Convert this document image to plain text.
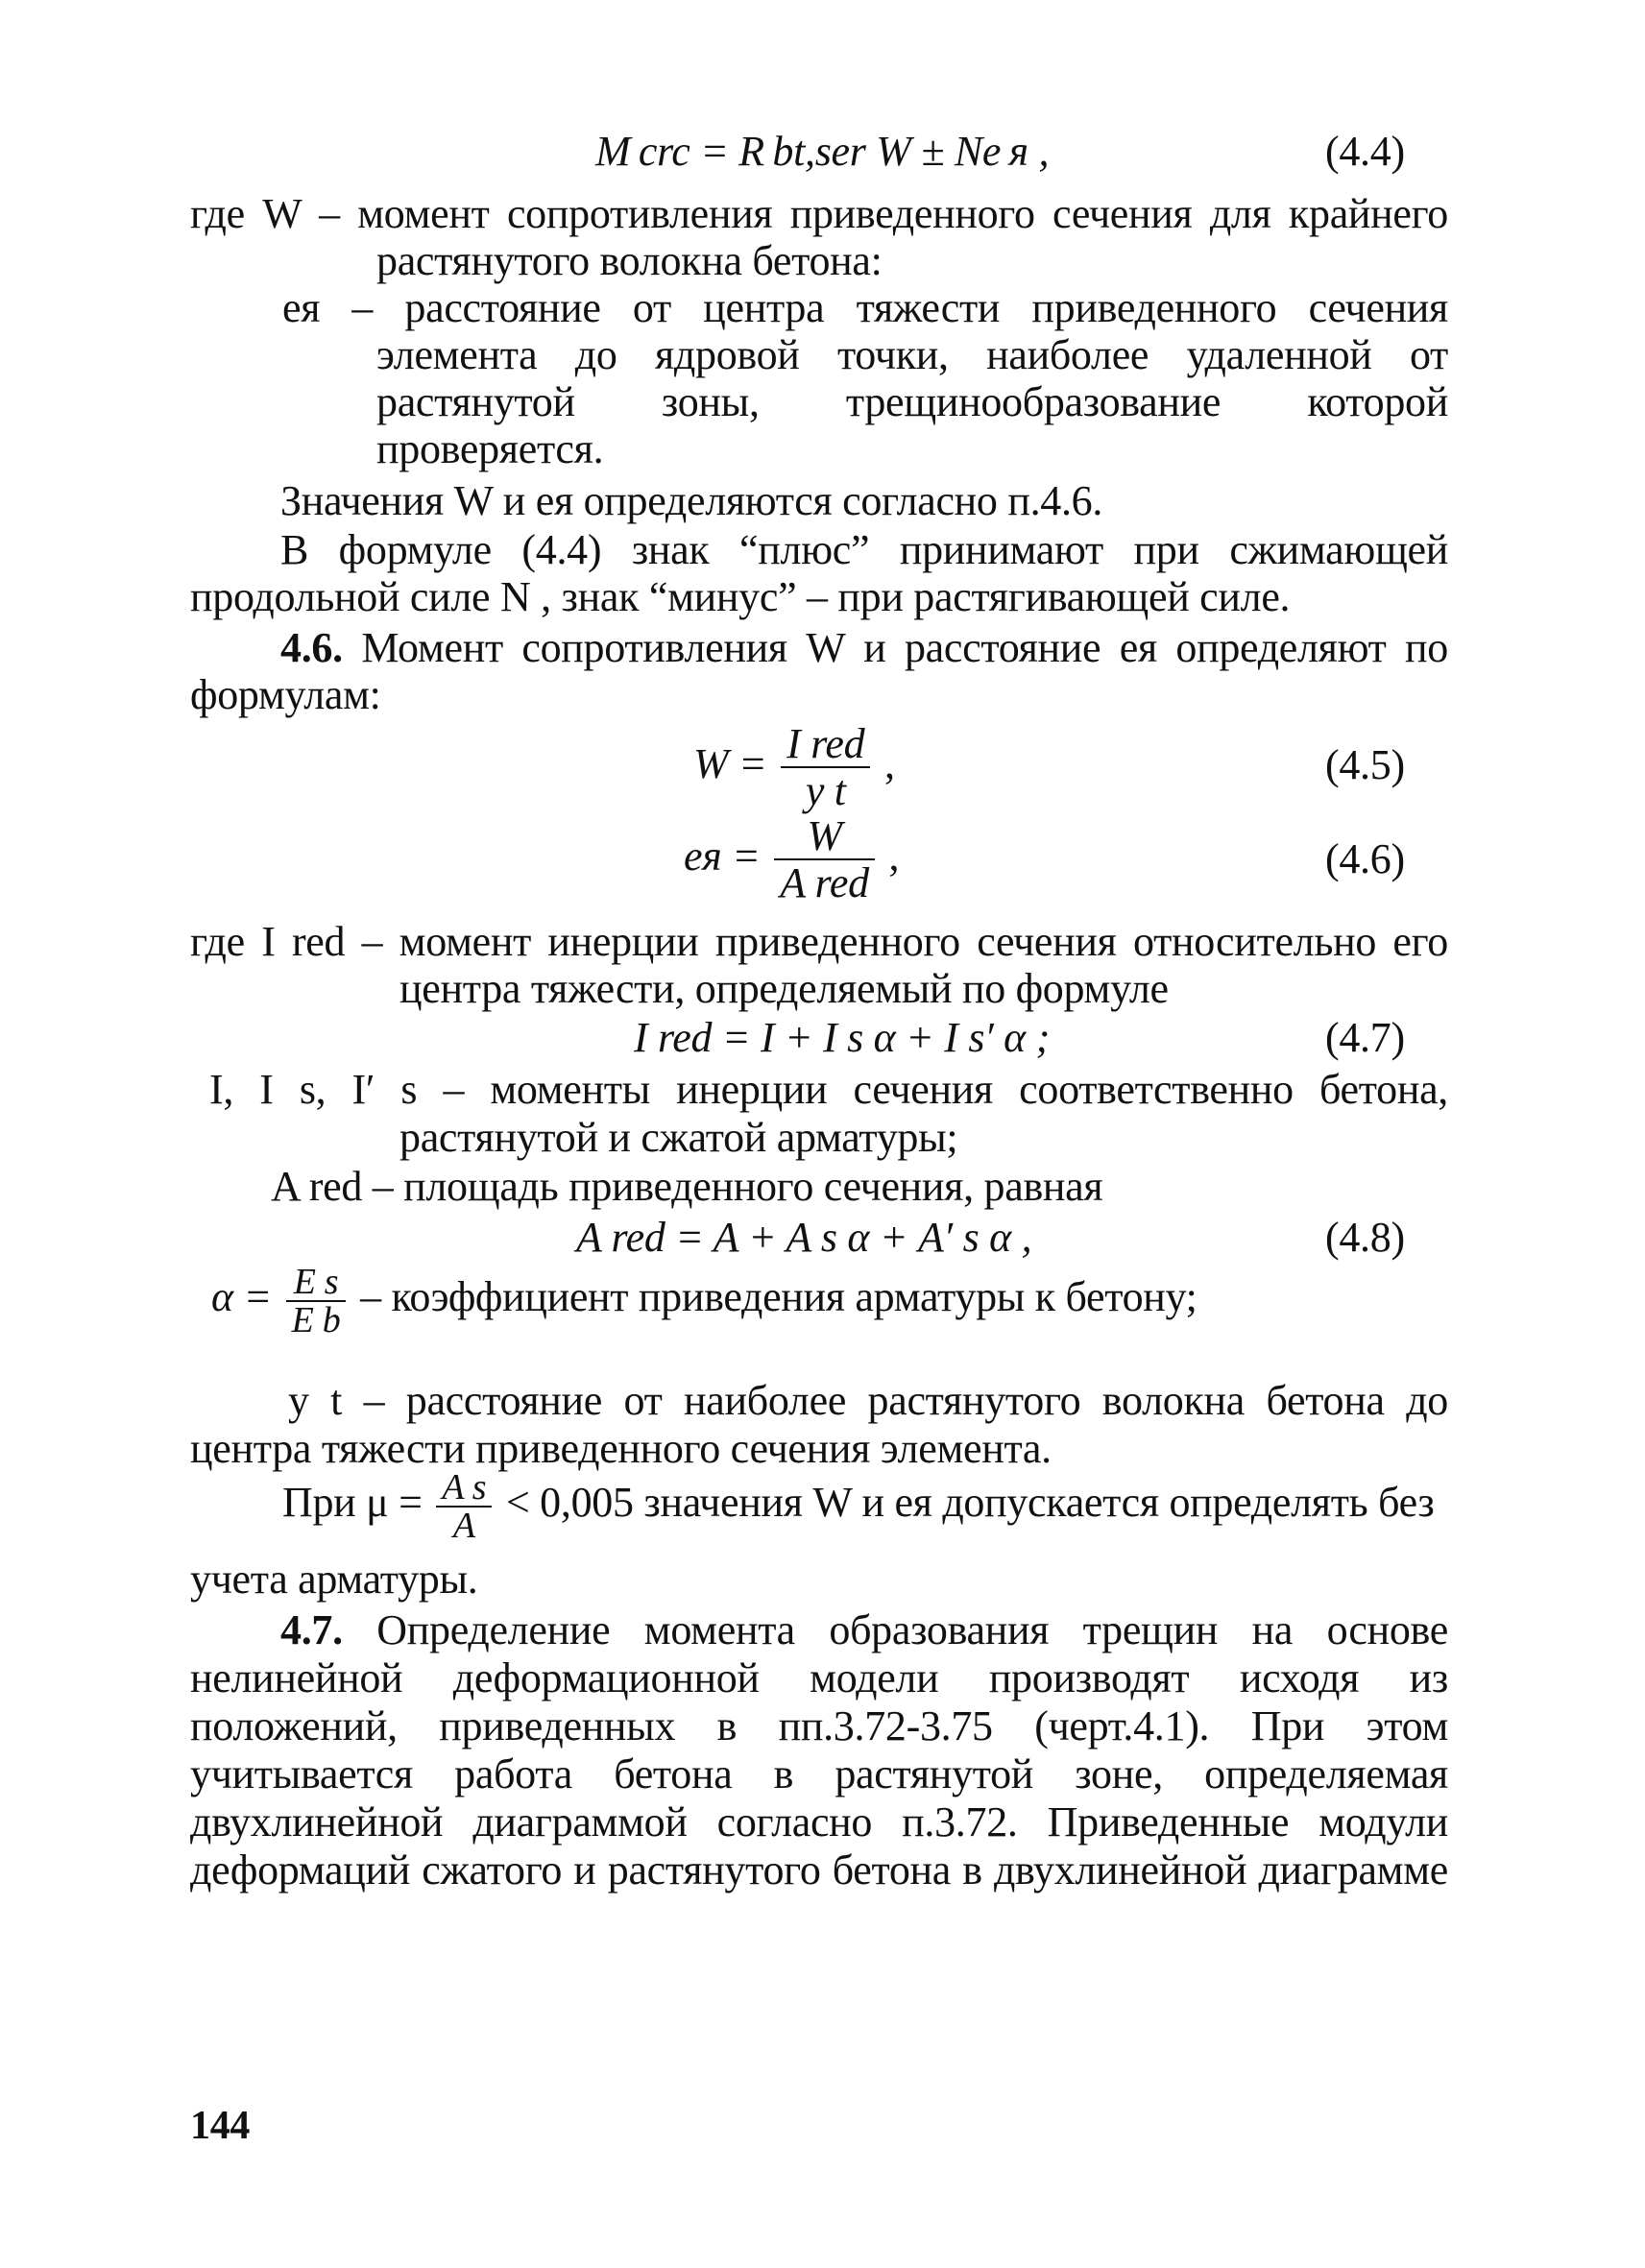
M crc = R bt,ser W ± Ne я ,	(4.4)
где W – момент сопротивления приведенного сечения для крайнего
растянутого волокна бетона:
eя – расстояние от центра тяжести приведенного сечения
элемента до ядровой точки, наиболее удаленной от
растянутой зоны, трещинообразование которой
проверяется.
Значения W и eя определяются согласно п.4.6.
В формуле (4.4) знак “плюс” принимают при сжимающей
продольной силе N , знак “минус” – при растягивающей силе.
4.6. Момент сопротивления W и расстояние eя определяют по
формулам:
$W = \frac{\text{I red}}{\text{y t}}$ ,	(4.5)
eя = $\frac{W}{\text{A red}}$ ,	(4.6)
где I red – момент инерции приведенного сечения относительно его
центра тяжести, определяемый по формуле
I red = I + I s α + I s′ α ;	(4.7)
I, I s, I′ s – моменты инерции сечения соответственно бетона,
растянутой и сжатой арматуры;
A red – площадь приведенного сечения, равная
A red = A + A s α + A′ s α ,	(4.8)
$\alpha = \frac{\text{E s}}{\text{E b}}$ – коэффициент приведения арматуры к бетону;
y t – расстояние от наиболее растянутого волокна бетона до
центра тяжести приведенного сечения элемента.
При $\mu = \frac{\text{A s}}{A} < 0,005$ значения W и eя допускается определять без
учета арматуры.
4.7. Определение момента образования трещин на основе
нелинейной деформационной модели производят исходя из
положений, приведенных в пп.3.72-3.75 (черт.4.1). При этом
учитывается работа бетона в растянутой зоне, определяемая
двухлинейной диаграммой согласно п.3.72. Приведенные модули
деформаций сжатого и растянутого бетона в двухлинейной диаграмме
144
